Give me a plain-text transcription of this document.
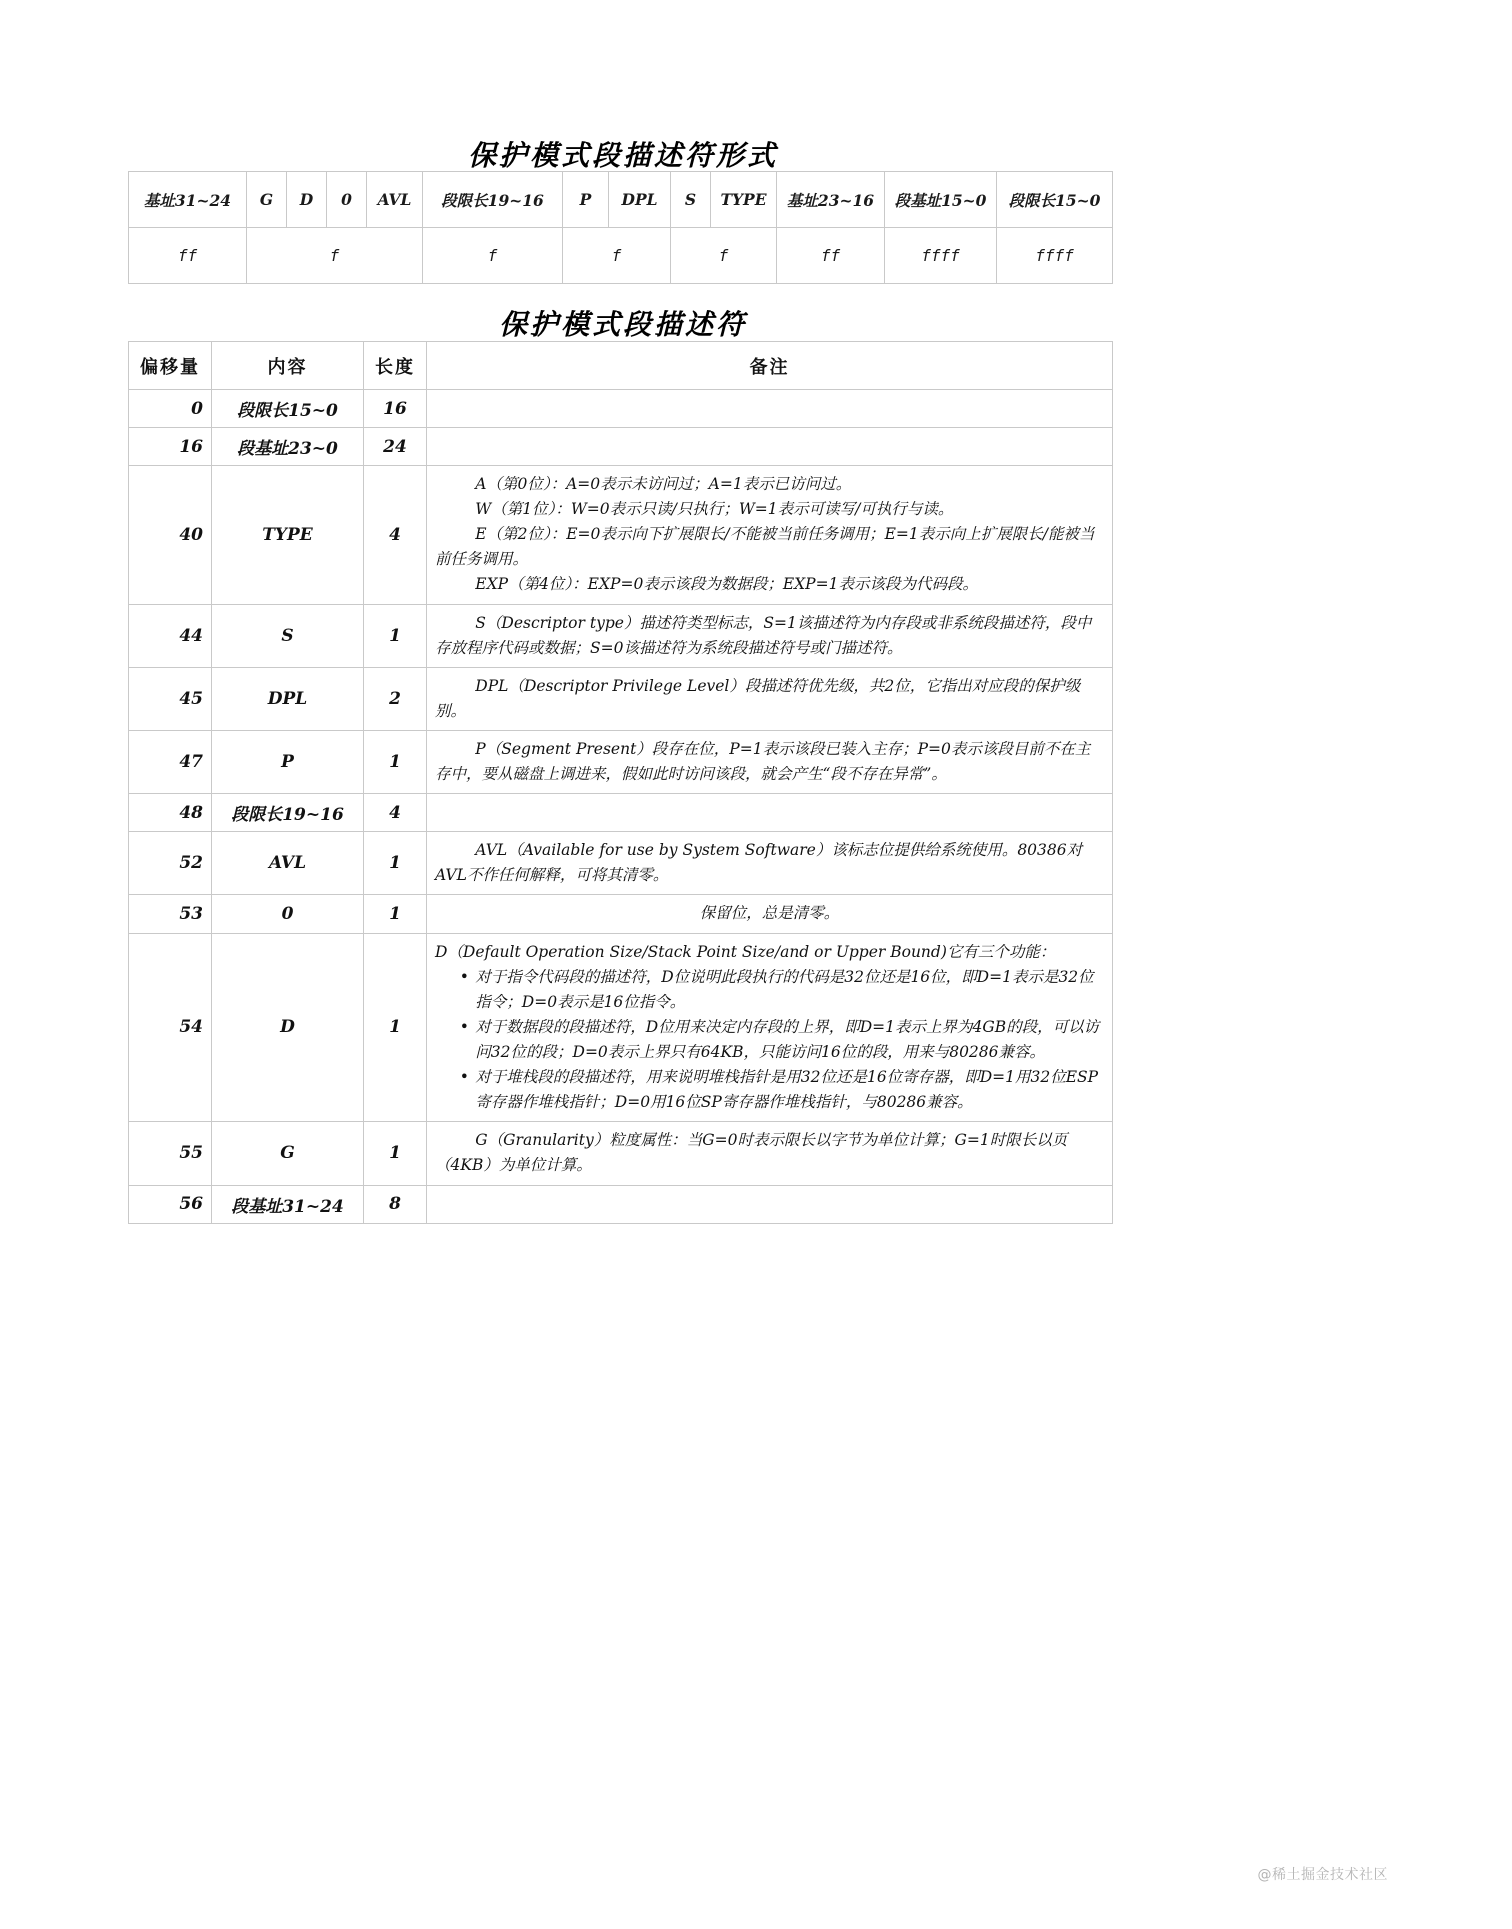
保护模式段描述符形式
基址31~24	G	D	0	AVL	段限长19~16	P	DPL	S	TYPE	基址23~16	段基址15~0	段限长15~0
ff	f				f	f		f		ff	ffff	ffff
保护模式段描述符
偏移量	内容	长度	备注
0	段限长15~0	16	
16	段基址23~0	24	
40	TYPE	4	A（第0位）：A=0表示未访问过；A=1表示已访问过。

W（第1位）：W=0表示只读/只执行；W=1表示可读写/可执行与读。

E（第2位）：E=0表示向下扩展限长/不能被当前任务调用；E=1表示向上扩展限长/能被当前任务调用。

EXP（第4位）：EXP=0表示该段为数据段；EXP=1表示该段为代码段。

44	S	1	S（Descriptor type）描述符类型标志，S=1该描述符为内存段或非系统段描述符，段中存放程序代码或数据；S=0该描述符为系统段描述符号或门描述符。

45	DPL	2	DPL（Descriptor Privilege Level）段描述符优先级，共2位，它指出对应段的保护级别。

47	P	1	P（Segment Present）段存在位，P=1表示该段已装入主存；P=0表示该段目前不在主存中，要从磁盘上调进来，假如此时访问该段，就会产生“段不存在异常”。

48	段限长19~16	4	
52	AVL	1	AVL（Available for use by System Software）该标志位提供给系统使用。80386对AVL不作任何解释，可将其清零。

53	0	1	保留位，总是清零。

54	D	1	D（Default Operation Size/Stack Point Size/and or Upper Bound)它有三个功能：

• 对于指令代码段的描述符，D位说明此段执行的代码是32位还是16位，即D=1表示是32位指令；D=0表示是16位指令。

• 对于数据段的段描述符，D位用来决定内存段的上界，即D=1表示上界为4GB的段，可以访问32位的段；D=0表示上界只有64KB，只能访问16位的段，用来与80286兼容。

• 对于堆栈段的段描述符，用来说明堆栈指针是用32位还是16位寄存器，即D=1用32位ESP寄存器作堆栈指针；D=0用16位SP寄存器作堆栈指针，与80286兼容。

55	G	1	G（Granularity）粒度属性：当G=0时表示限长以字节为单位计算；G=1时限长以页（4KB）为单位计算。

56	段基址31~24	8	
@稀土掘金技术社区
